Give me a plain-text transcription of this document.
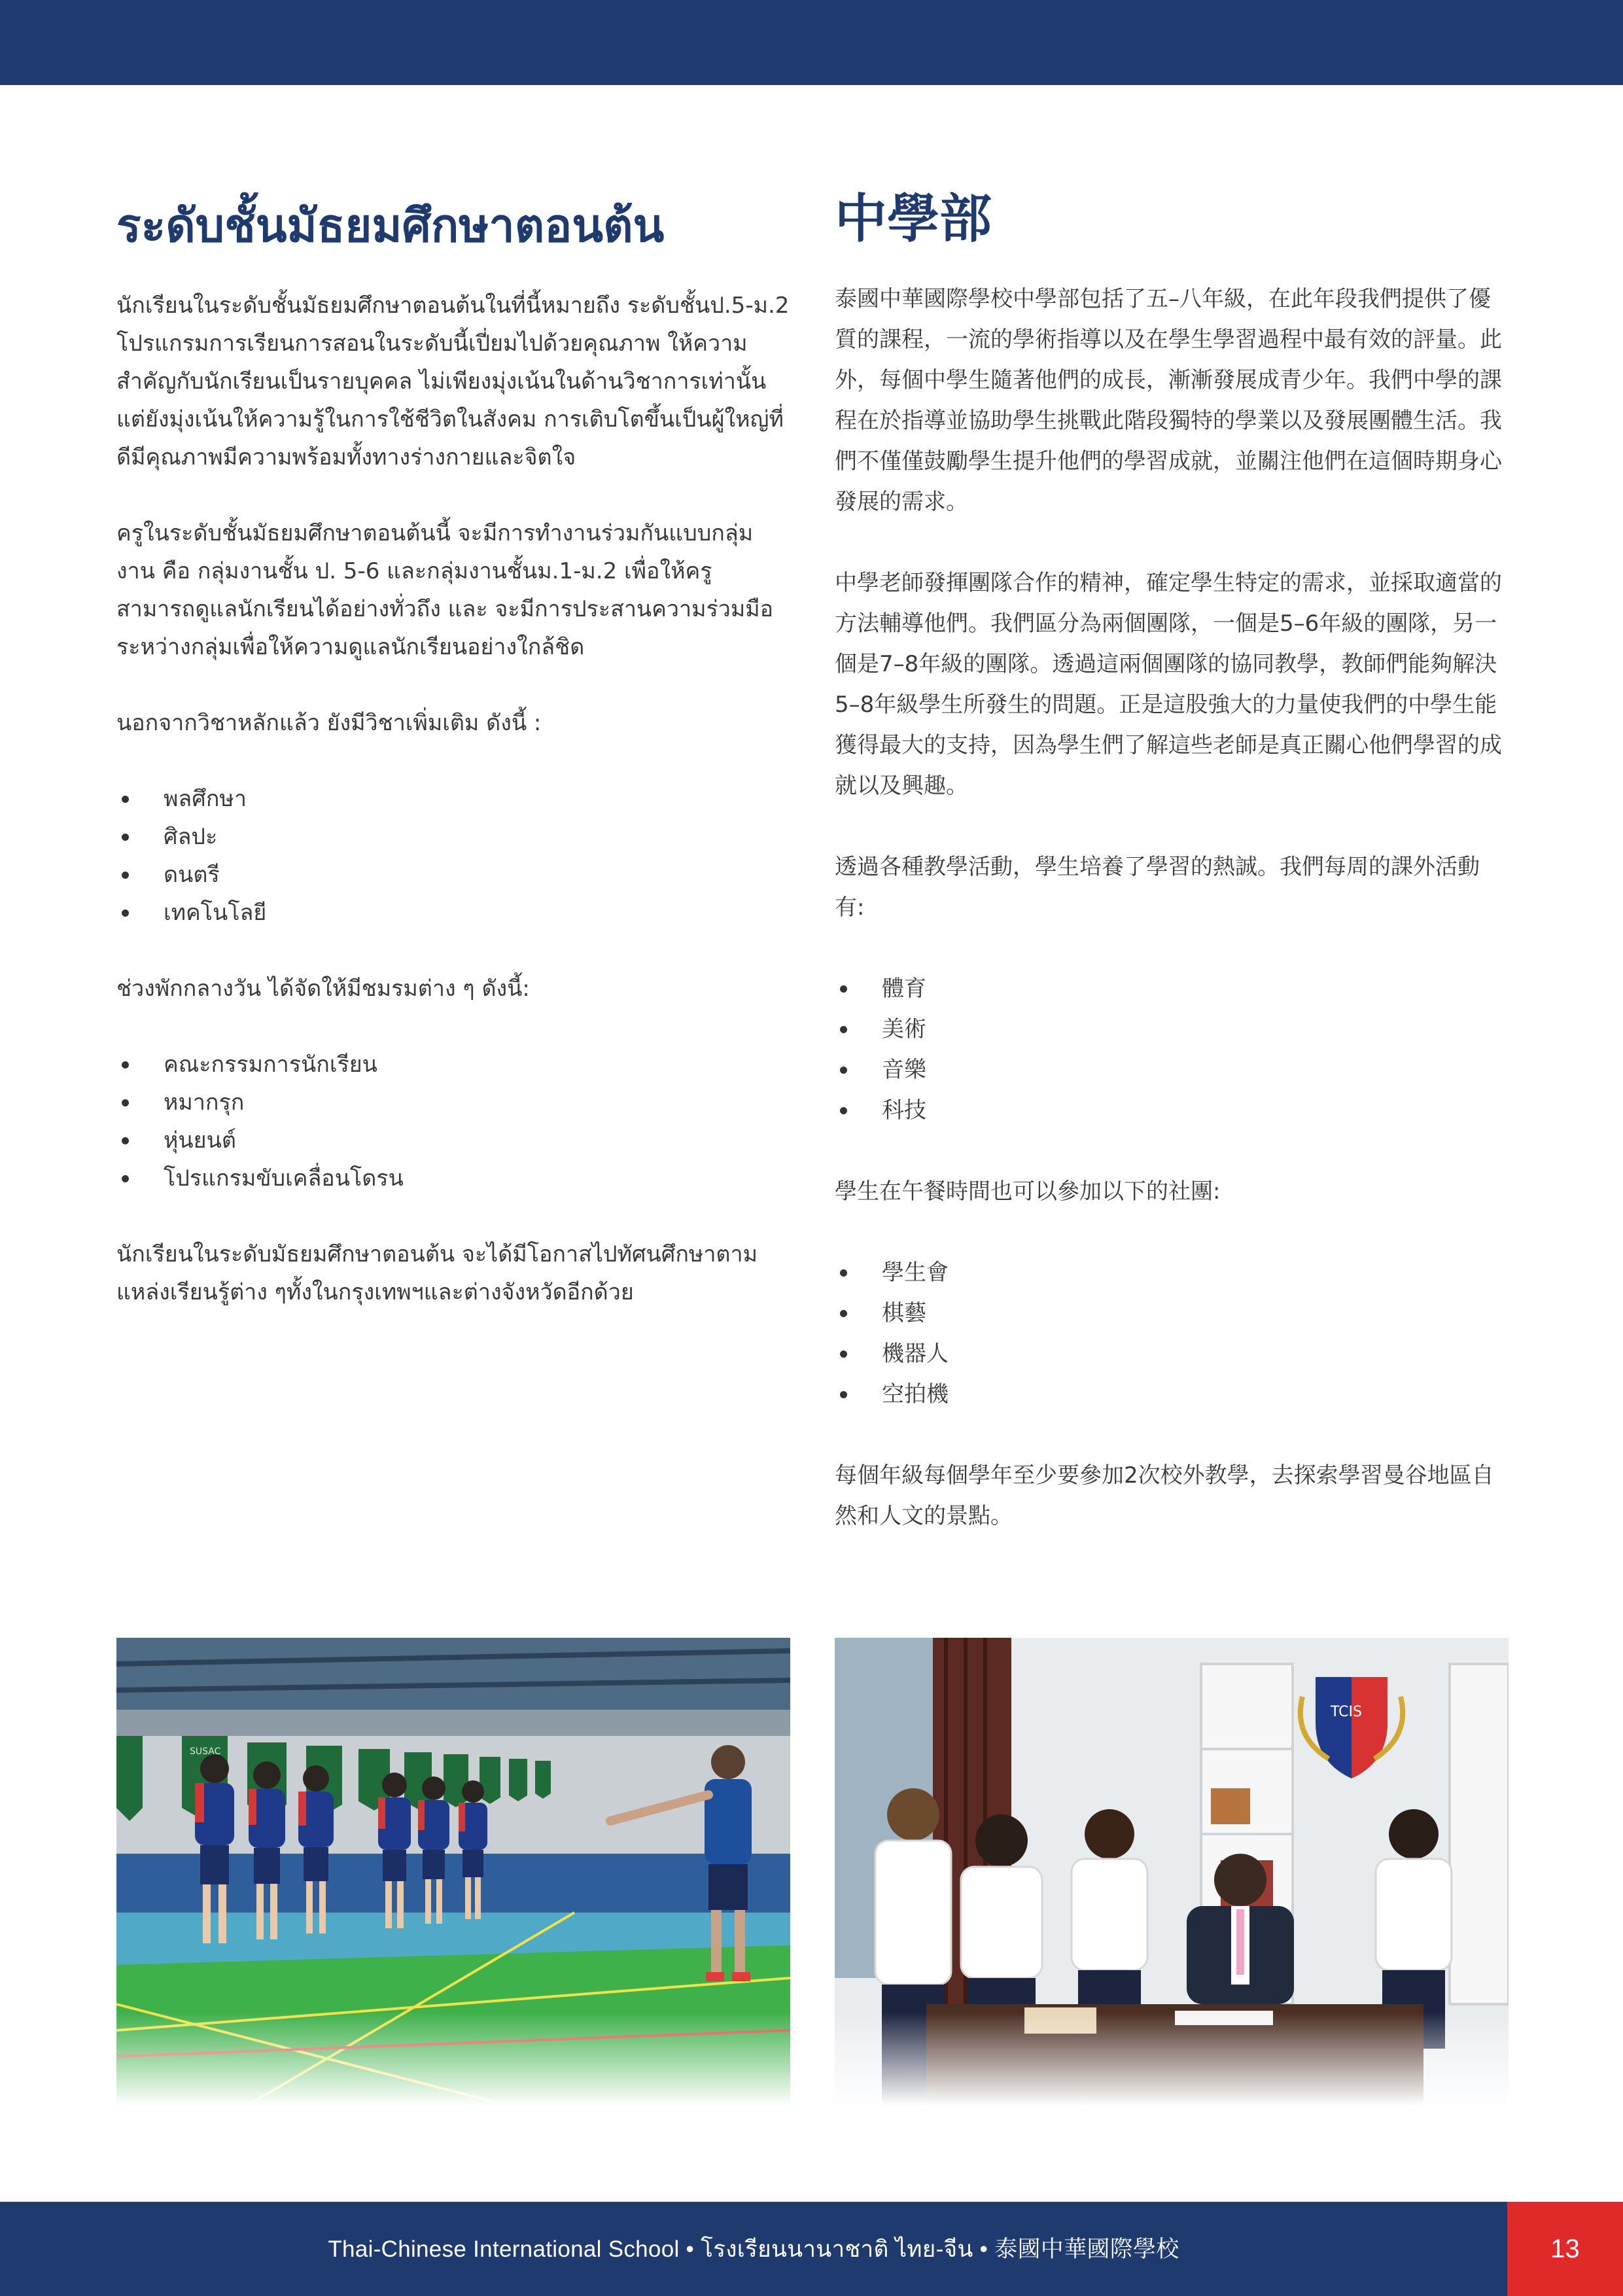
ระดับชั้นมัธยมศึกษาตอนต้น

นักเรียนในระดับชั้นมัธยมศึกษาตอนต้นในที่นี้หมายถึง ระดับชั้นป.5-ม.2 โปรแกรมการเรียนการสอนในระดับนี้เปี่ยมไปด้วยคุณภาพ ให้ความสำคัญกับนักเรียนเป็นรายบุคคล ไม่เพียงมุ่งเน้นในด้านวิชาการเท่านั้น แต่ยังมุ่งเน้นให้ความรู้ในการใช้ชีวิตในสังคม การเติบโตขึ้นเป็นผู้ใหญ่ที่ดีมีคุณภาพมีความพร้อมทั้งทางร่างกายและจิตใจ

ครูในระดับชั้นมัธยมศึกษาตอนต้นนี้ จะมีการทำงานร่วมกันแบบกลุ่มงาน คือ กลุ่มงานชั้น ป. 5-6 และกลุ่มงานชั้นม.1-ม.2 เพื่อให้ครูสามารถดูแลนักเรียนได้อย่างทั่วถึง และ จะมีการประสานความร่วมมือระหว่างกลุ่มเพื่อให้ความดูแลนักเรียนอย่างใกล้ชิด

นอกจากวิชาหลักแล้ว ยังมีวิชาเพิ่มเติม ดังนี้ :

พลศึกษา
ศิลปะ
ดนตรี
เทคโนโลยี

ช่วงพักกลางวัน ได้จัดให้มีชมรมต่าง ๆ ดังนี้:

คณะกรรมการนักเรียน
หมากรุก
หุ่นยนต์
โปรแกรมขับเคลื่อนโดรน

นักเรียนในระดับมัธยมศึกษาตอนต้น จะได้มีโอกาสไปทัศนศึกษาตามแหล่งเรียนรู้ต่าง ๆทั้งในกรุงเทพฯและต่างจังหวัดอีกด้วย

中學部

泰國中華國際學校中學部包括了五–八年級，在此年段我們提供了優質的課程，一流的學術指導以及在學生學習過程中最有效的評量。此外，每個中學生隨著他們的成長，漸漸發展成青少年。我們中學的課程在於指導並協助學生挑戰此階段獨特的學業以及發展團體生活。我們不僅僅鼓勵學生提升他們的學習成就，並關注他們在這個時期身心發展的需求。

中學老師發揮團隊合作的精神，確定學生特定的需求，並採取適當的方法輔導他們。我們區分為兩個團隊，一個是5–6年級的團隊，另一個是7–8年級的團隊。透過這兩個團隊的協同教學，教師們能夠解決5–8年級學生所發生的問題。正是這股強大的力量使我們的中學生能獲得最大的支持，因為學生們了解這些老師是真正關心他們學習的成就以及興趣。

透過各種教學活動，學生培養了學習的熱誠。我們每周的課外活動有:

體育
美術
音樂
科技

學生在午餐時間也可以參加以下的社團:

學生會
棋藝
機器人
空拍機

每個年級每個學年至少要參加2次校外教學，去探索學習曼谷地區自然和人文的景點。

Thai-Chinese International School • โรงเรียนนานาชาติ ไทย-จีน • 泰國中華國際學校	13
